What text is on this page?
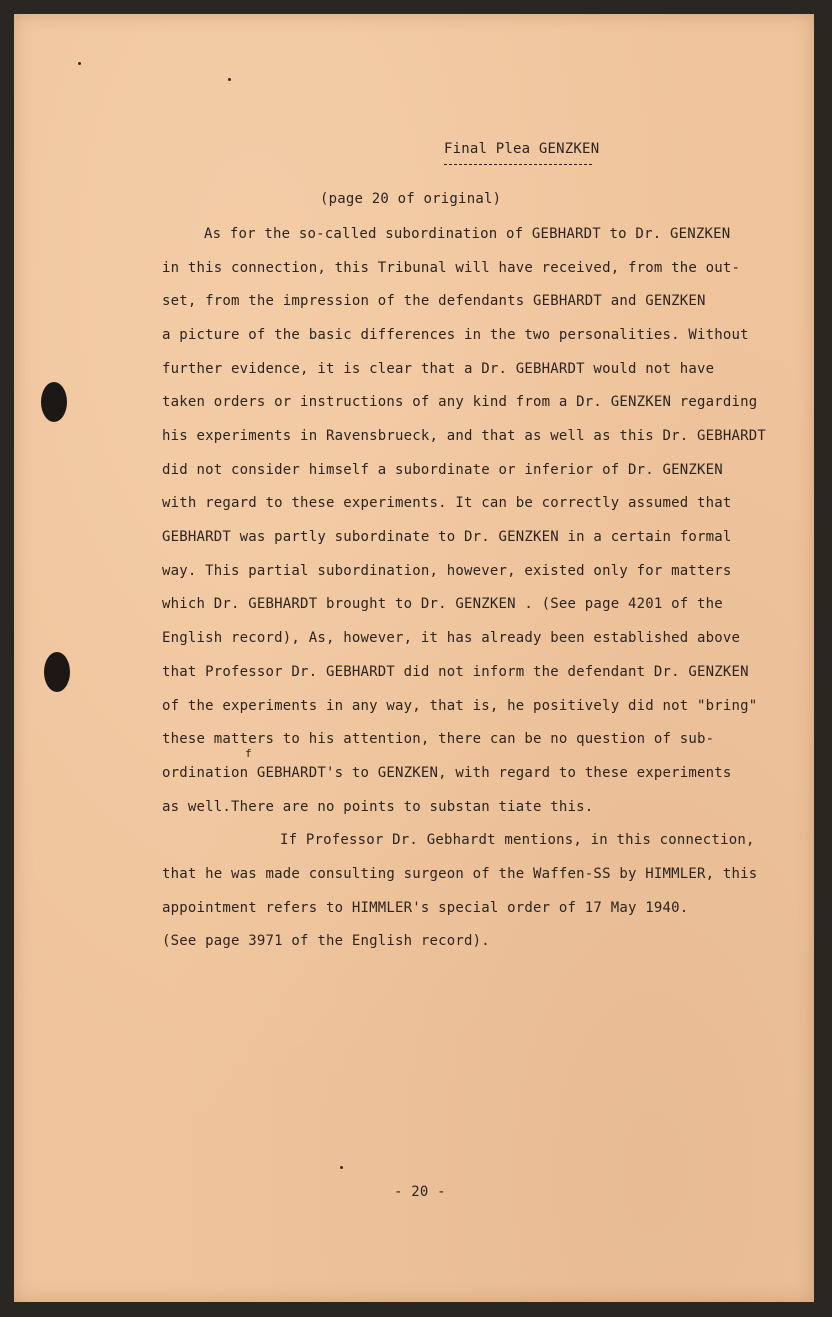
Final Plea GENZKEN
(page 20 of original)
As for the so-called subordination of GEBHARDT to Dr. GENZKEN
in this connection, this Tribunal will have received, from the out-
set, from the impression of the defendants GEBHARDT and GENZKEN
a picture of the basic differences in the two personalities. Without
further evidence, it is clear that a Dr. GEBHARDT would not have
taken orders or instructions of any kind from a Dr. GENZKEN regarding
his experiments in Ravensbrueck, and that as well as this Dr. GEBHARDT
did not consider himself a subordinate or inferior of Dr. GENZKEN
with regard to these experiments. It can be correctly assumed that
GEBHARDT was partly subordinate to Dr. GENZKEN in a certain formal
way. This partial subordination, however, existed only for matters
which Dr. GEBHARDT brought to Dr. GENZKEN . (See page 4201 of the
English record), As, however, it has already been established above
that Professor Dr. GEBHARDT did not inform the defendant Dr. GENZKEN
of the experiments in any way, that is, he positively did not "bring"
these matters to his attention, there can be no question of sub-
f
ordination GEBHARDT's to GENZKEN, with regard to these experiments
as well.There are no points to substan tiate this.
If Professor Dr. Gebhardt mentions, in this connection,
that he was made consulting surgeon of the Waffen-SS by HIMMLER, this
appointment refers to HIMMLER's special order of 17 May 1940.
(See page 3971 of the English record).
- 20 -
